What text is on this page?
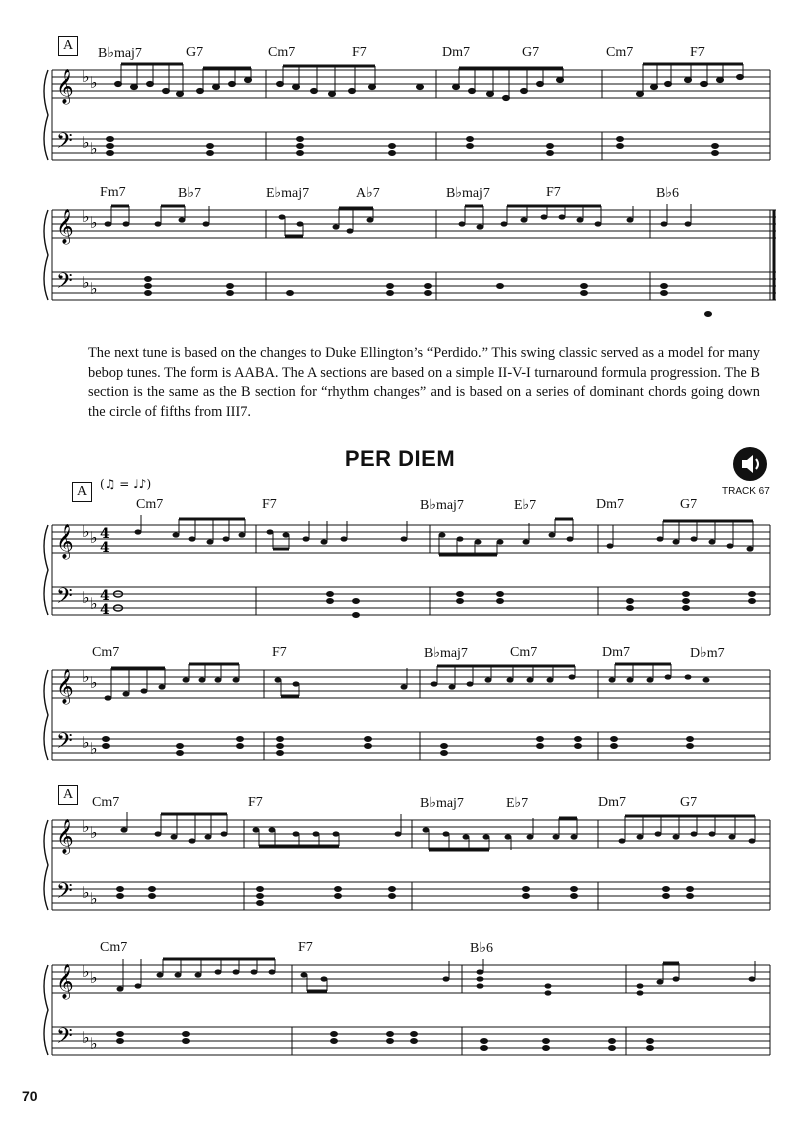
A
B♭maj7	G7	Cm7	F7	Dm7	G7	Cm7	F7
𝄞
𝄢
♭ ♭
♭ ♭
Fm7	B♭7	E♭maj7	A♭7	B♭maj7	F7	B♭6
𝄞
𝄢
♭ ♭
♭ ♭
The next tune is based on the changes to Duke Ellington’s “Perdido.” This swing classic served as a model for many bebop tunes. The form is AABA. The A sections are based on a simple II-V-I turnaround formula progression. The B section is the same as the B section for “rhythm changes” and is based on a series of dominant chords going down the circle of fifths from III7.
PER DIEM
TRACK 67
A	(♫ = ♩♪)
Cm7	F7	B♭maj7	E♭7	Dm7	G7
𝄞
𝄢
♭ ♭
♭ ♭
4
4
4
4
Cm7	F7	B♭maj7	Cm7	Dm7	D♭m7
𝄞
𝄢
♭ ♭
♭ ♭
A
Cm7	F7	B♭maj7	E♭7	Dm7	G7
𝄞
𝄢
♭ ♭
♭ ♭
Cm7	F7	B♭6
𝄞
𝄢
♭ ♭
♭ ♭
70
